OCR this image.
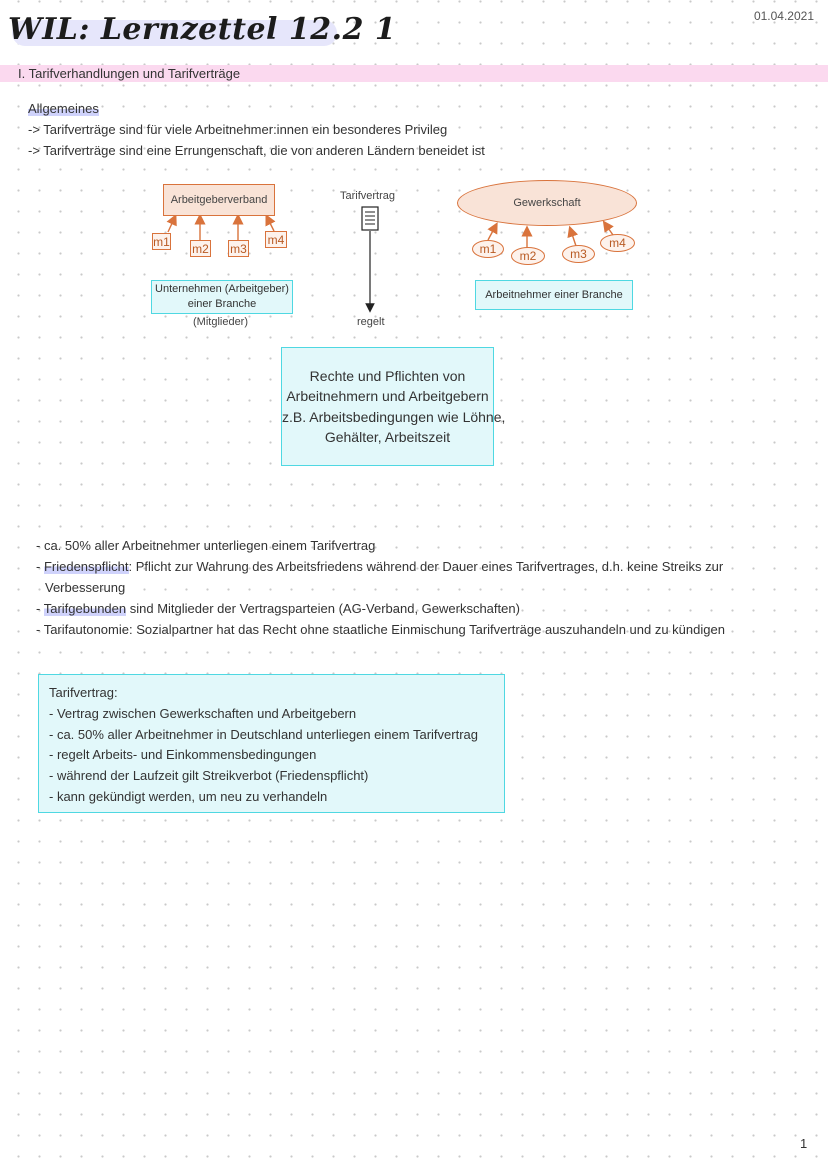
WIL: Lernzettel 12.2 1	01.04.2021
I. Tarifverhandlungen und Tarifverträge
Allgemeines
-> Tarifverträge sind für viele Arbeitnehmer:innen ein besonderes Privileg
-> Tarifverträge sind eine Errungenschaft, die von anderen Ländern beneidet ist
Arbeitgeberverband
m1 m2 m3
m4
Unternehmen (Arbeitgeber)
einer Branche
(Mitglieder)
Tarifvertrag
regelt
Gewerkschaft
m1	m2	m3
m4
Arbeitnehmer einer Branche
Rechte und Pflichten von
Arbeitnehmern und Arbeitgebern
z.B. Arbeitsbedingungen wie Löhne,
Gehälter, Arbeitszeit
- ca. 50% aller Arbeitnehmer unterliegen einem Tarifvertrag
- Friedenspflicht: Pflicht zur Wahrung des Arbeitsfriedens während der Dauer eines Tarifvertrages, d.h. keine Streiks zur
Verbesserung
- Tarifgebunden sind Mitglieder der Vertragsparteien (AG-Verband, Gewerkschaften)
- Tarifautonomie: Sozialpartner hat das Recht ohne staatliche Einmischung Tarifverträge auszuhandeln und zu kündigen
Tarifvertrag:
- Vertrag zwischen Gewerkschaften und Arbeitgebern
- ca. 50% aller Arbeitnehmer in Deutschland unterliegen einem Tarifvertrag
- regelt Arbeits- und Einkommensbedingungen
- während der Laufzeit gilt Streikverbot (Friedenspflicht)
- kann gekündigt werden, um neu zu verhandeln
1
